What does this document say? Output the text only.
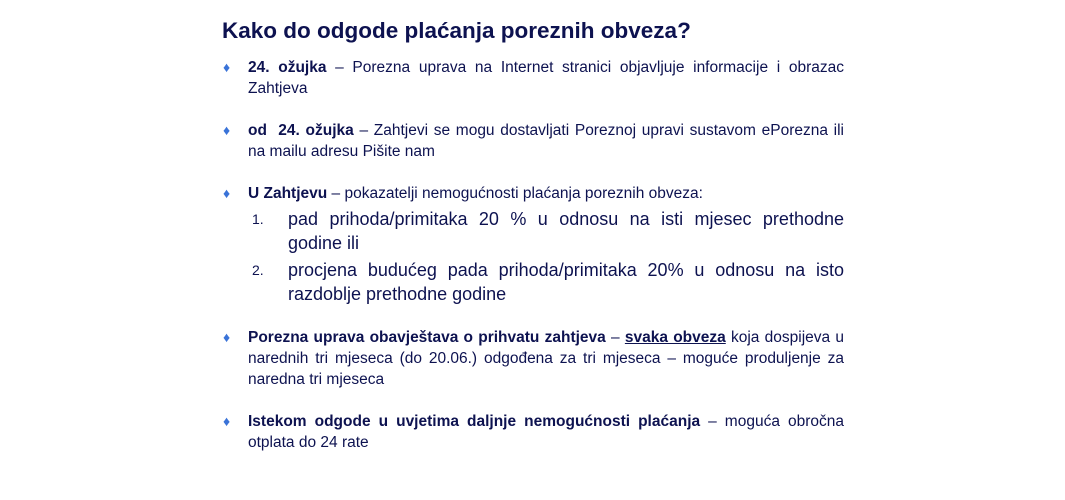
Kako do odgode plaćanja poreznih obveza?
♦ 24. ožujka – Porezna uprava na Internet stranici objavljuje informacije i obrazac Zahtjeva
♦ od  24. ožujka – Zahtjevi se mogu dostavljati Poreznoj upravi sustavom ePorezna ili na mailu adresu Pišite nam
♦ U Zahtjevu – pokazatelji nemogućnosti plaćanja poreznih obveza:
1. pad prihoda/primitaka 20 % u odnosu na isti mjesec prethodne godine ili
2. procjena budućeg pada prihoda/primitaka 20% u odnosu na isto razdoblje prethodne godine
♦ Porezna uprava obavještava o prihvatu zahtjeva – svaka obveza koja dospijeva u narednih tri mjeseca (do 20.06.) odgođena za tri mjeseca – moguće produljenje za naredna tri mjeseca
♦ Istekom odgode u uvjetima daljnje nemogućnosti plaćanja – moguća obročna otplata do 24 rate
